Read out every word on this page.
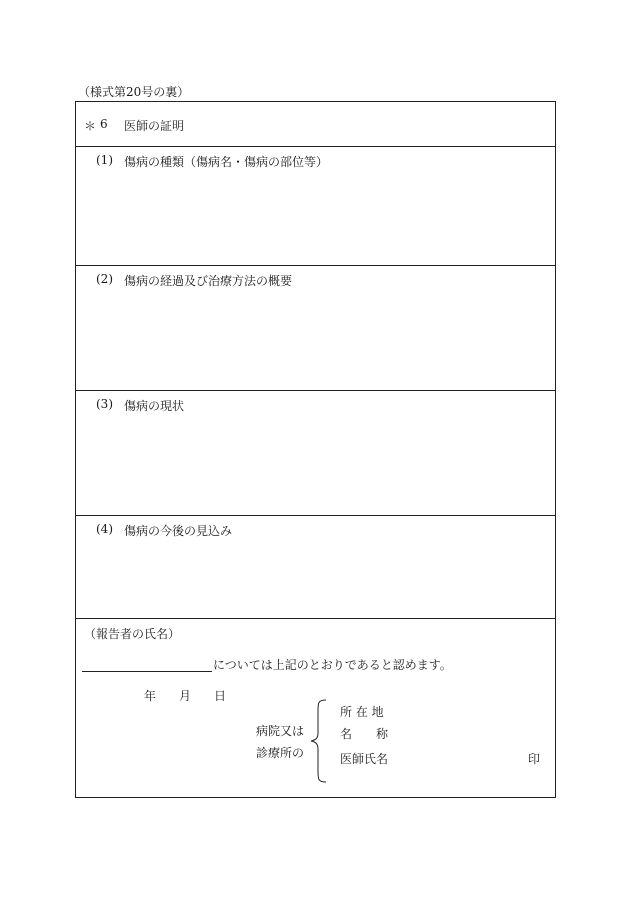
（様式第20号の裏）
＊ 6 医師の証明
(1) 傷病の種類（傷病名・傷病の部位等）
(2) 傷病の経過及び治療方法の概要
(3) 傷病の現状
(4) 傷病の今後の見込み
（報告者の氏名）
については上記のとおりであると認めます。
年 月 日
病院又は
診療所の
所 在 地
名　　称
医師氏名	印
